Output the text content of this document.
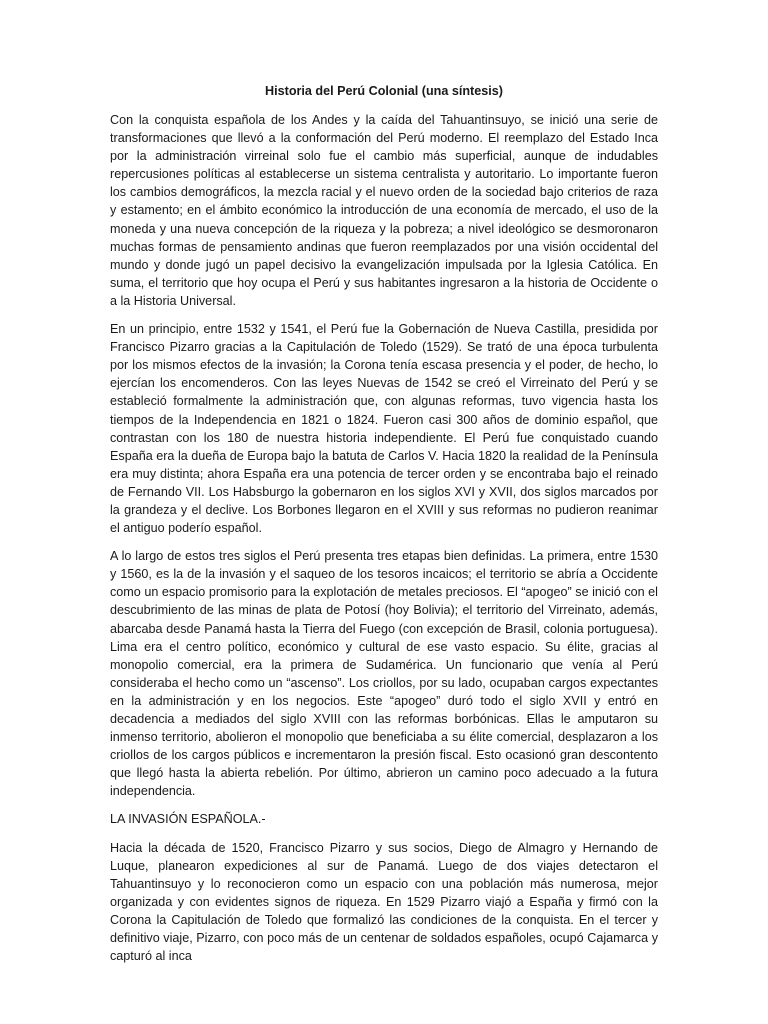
Historia del Perú Colonial (una síntesis)

Con la conquista española de los Andes y la caída del Tahuantinsuyo, se inició una serie de transformaciones que llevó a la conformación del Perú moderno. El reemplazo del Estado Inca por la administración virreinal solo fue el cambio más superficial, aunque de indudables repercusiones políticas al establecerse un sistema centralista y autoritario. Lo importante fueron los cambios demográficos, la mezcla racial y el nuevo orden de la sociedad bajo criterios de raza y estamento; en el ámbito económico la introducción de una economía de mercado, el uso de la moneda y una nueva concepción de la riqueza y la pobreza; a nivel ideológico se desmoronaron muchas formas de pensamiento andinas que fueron reemplazados por una visión occidental del mundo y donde jugó un papel decisivo la evangelización impulsada por la Iglesia Católica. En suma, el territorio que hoy ocupa el Perú y sus habitantes ingresaron a la historia de Occidente o a la Historia Universal.

En un principio, entre 1532 y 1541, el Perú fue la Gobernación de Nueva Castilla, presidida por Francisco Pizarro gracias a la Capitulación de Toledo (1529). Se trató de una época turbulenta por los mismos efectos de la invasión; la Corona tenía escasa presencia y el poder, de hecho, lo ejercían los encomenderos. Con las leyes Nuevas de 1542 se creó el Virreinato del Perú y se estableció formalmente la administración que, con algunas reformas, tuvo vigencia hasta los tiempos de la Independencia en 1821 o 1824. Fueron casi 300 años de dominio español, que contrastan con los 180 de nuestra historia independiente. El Perú fue conquistado cuando España era la dueña de Europa bajo la batuta de Carlos V. Hacia 1820 la realidad de la Península era muy distinta; ahora España era una potencia de tercer orden y se encontraba bajo el reinado de Fernando VII. Los Habsburgo la gobernaron en los siglos XVI y XVII, dos siglos marcados por la grandeza y el declive. Los Borbones llegaron en el XVIII y sus reformas no pudieron reanimar el antiguo poderío español.

A lo largo de estos tres siglos el Perú presenta tres etapas bien definidas. La primera, entre 1530 y 1560, es la de la invasión y el saqueo de los tesoros incaicos; el territorio se abría a Occidente como un espacio promisorio para la explotación de metales preciosos. El “apogeo” se inició con el descubrimiento de las minas de plata de Potosí (hoy Bolivia); el territorio del Virreinato, además, abarcaba desde Panamá hasta la Tierra del Fuego (con excepción de Brasil, colonia portuguesa). Lima era el centro político, económico y cultural de ese vasto espacio. Su élite, gracias al monopolio comercial, era la primera de Sudamérica. Un funcionario que venía al Perú consideraba el hecho como un “ascenso”. Los criollos, por su lado, ocupaban cargos expectantes en la administración y en los negocios. Este “apogeo” duró todo el siglo XVII y entró en decadencia a mediados del siglo XVIII con las reformas borbónicas. Ellas le amputaron su inmenso territorio, abolieron el monopolio que beneficiaba a su élite comercial, desplazaron a los criollos de los cargos públicos e incrementaron la presión fiscal. Esto ocasionó gran descontento que llegó hasta la abierta rebelión. Por último, abrieron un camino poco adecuado a la futura independencia.

LA INVASIÓN ESPAÑOLA.-

Hacia la década de 1520, Francisco Pizarro y sus socios, Diego de Almagro y Hernando de Luque, planearon expediciones al sur de Panamá. Luego de dos viajes detectaron el Tahuantinsuyo y lo reconocieron como un espacio con una población más numerosa, mejor organizada y con evidentes signos de riqueza. En 1529 Pizarro viajó a España y firmó con la Corona la Capitulación de Toledo que formalizó las condiciones de la conquista. En el tercer y definitivo viaje, Pizarro, con poco más de un centenar de soldados españoles, ocupó Cajamarca y capturó al inca
